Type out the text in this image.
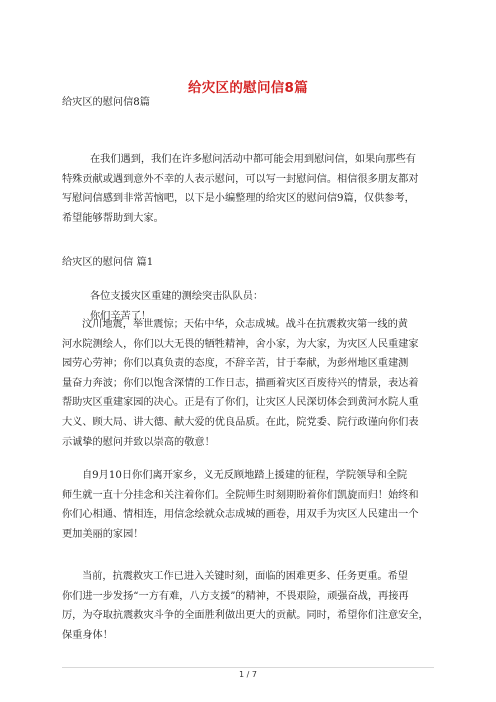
给灾区的慰问信8篇
给灾区的慰问信8篇
在我们遇到，我们在许多慰问活动中都可能会用到慰问信，如果向那些有
特殊贡献或遇到意外不幸的人表示慰问，可以写一封慰问信。相信很多朋友都对
写慰问信感到非常苦恼吧，以下是小编整理的给灾区的慰问信9篇，仅供参考，
希望能够帮助到大家。
给灾区的慰问信 篇1
各位支援灾区重建的测绘突击队队员：
你们辛苦了！
汶川地震，举世震惊；天佑中华，众志成城。战斗在抗震救灾第一线的黄
河水院测绘人，你们以大无畏的牺牲精神，舍小家，为大家，为灾区人民重建家
园劳心劳神；你们以真负责的态度，不辞辛苦，甘于奉献，为彭州地区重建测
量奋力奔波；你们以饱含深情的工作日志，描画着灾区百废待兴的情景，表达着
帮助灾区重建家园的决心。正是有了你们，让灾区人民深切体会到黄河水院人重
大义、顾大局、讲大德、献大爱的优良品质。在此，院党委、院行政谨向你们表
示诚挚的慰问并致以崇高的敬意！
自9月10日你们离开家乡，义无反顾地踏上援建的征程，学院领导和全院
师生就一直十分挂念和关注着你们。全院师生时刻期盼着你们凯旋而归！始终和
你们心相通、情相连，用信念绘就众志成城的画卷，用双手为灾区人民建出一个
更加美丽的家园！
当前，抗震救灾工作已进入关键时刻，面临的困难更多、任务更重。希望
你们进一步发扬“一方有难，八方支援”的精神，不畏艰险，顽强奋战，再接再
厉，为夺取抗震救灾斗争的全面胜利做出更大的贡献。同时，希望你们注意安全，
保重身体！
1 / 7
